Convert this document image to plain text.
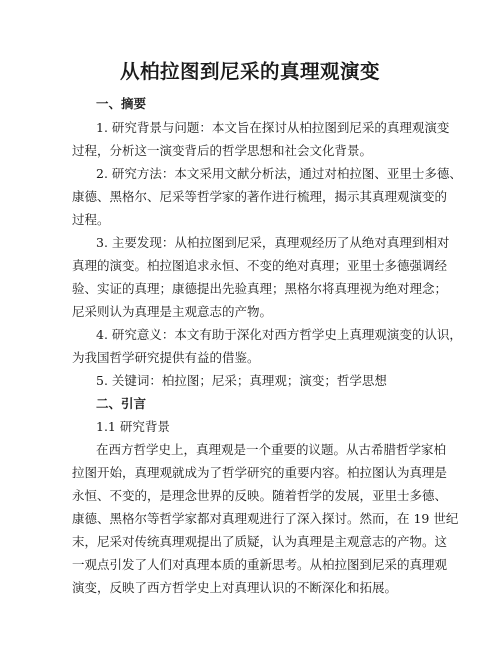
从柏拉图到尼采的真理观演变
一、摘要
1. 研究背景与问题：本文旨在探讨从柏拉图到尼采的真理观演变
过程，分析这一演变背后的哲学思想和社会文化背景。
2. 研究方法：本文采用文献分析法，通过对柏拉图、亚里士多德、
康德、黑格尔、尼采等哲学家的著作进行梳理，揭示其真理观演变的
过程。
3. 主要发现：从柏拉图到尼采，真理观经历了从绝对真理到相对
真理的演变。柏拉图追求永恒、不变的绝对真理；亚里士多德强调经
验、实证的真理；康德提出先验真理；黑格尔将真理视为绝对理念；
尼采则认为真理是主观意志的产物。
4. 研究意义：本文有助于深化对西方哲学史上真理观演变的认识，
为我国哲学研究提供有益的借鉴。
5. 关键词：柏拉图；尼采；真理观；演变；哲学思想
二、引言
1.1 研究背景
在西方哲学史上，真理观是一个重要的议题。从古希腊哲学家柏
拉图开始，真理观就成为了哲学研究的重要内容。柏拉图认为真理是
永恒、不变的，是理念世界的反映。随着哲学的发展，亚里士多德、
康德、黑格尔等哲学家都对真理观进行了深入探讨。然而，在 19 世纪
末，尼采对传统真理观提出了质疑，认为真理是主观意志的产物。这
一观点引发了人们对真理本质的重新思考。从柏拉图到尼采的真理观
演变，反映了西方哲学史上对真理认识的不断深化和拓展。
